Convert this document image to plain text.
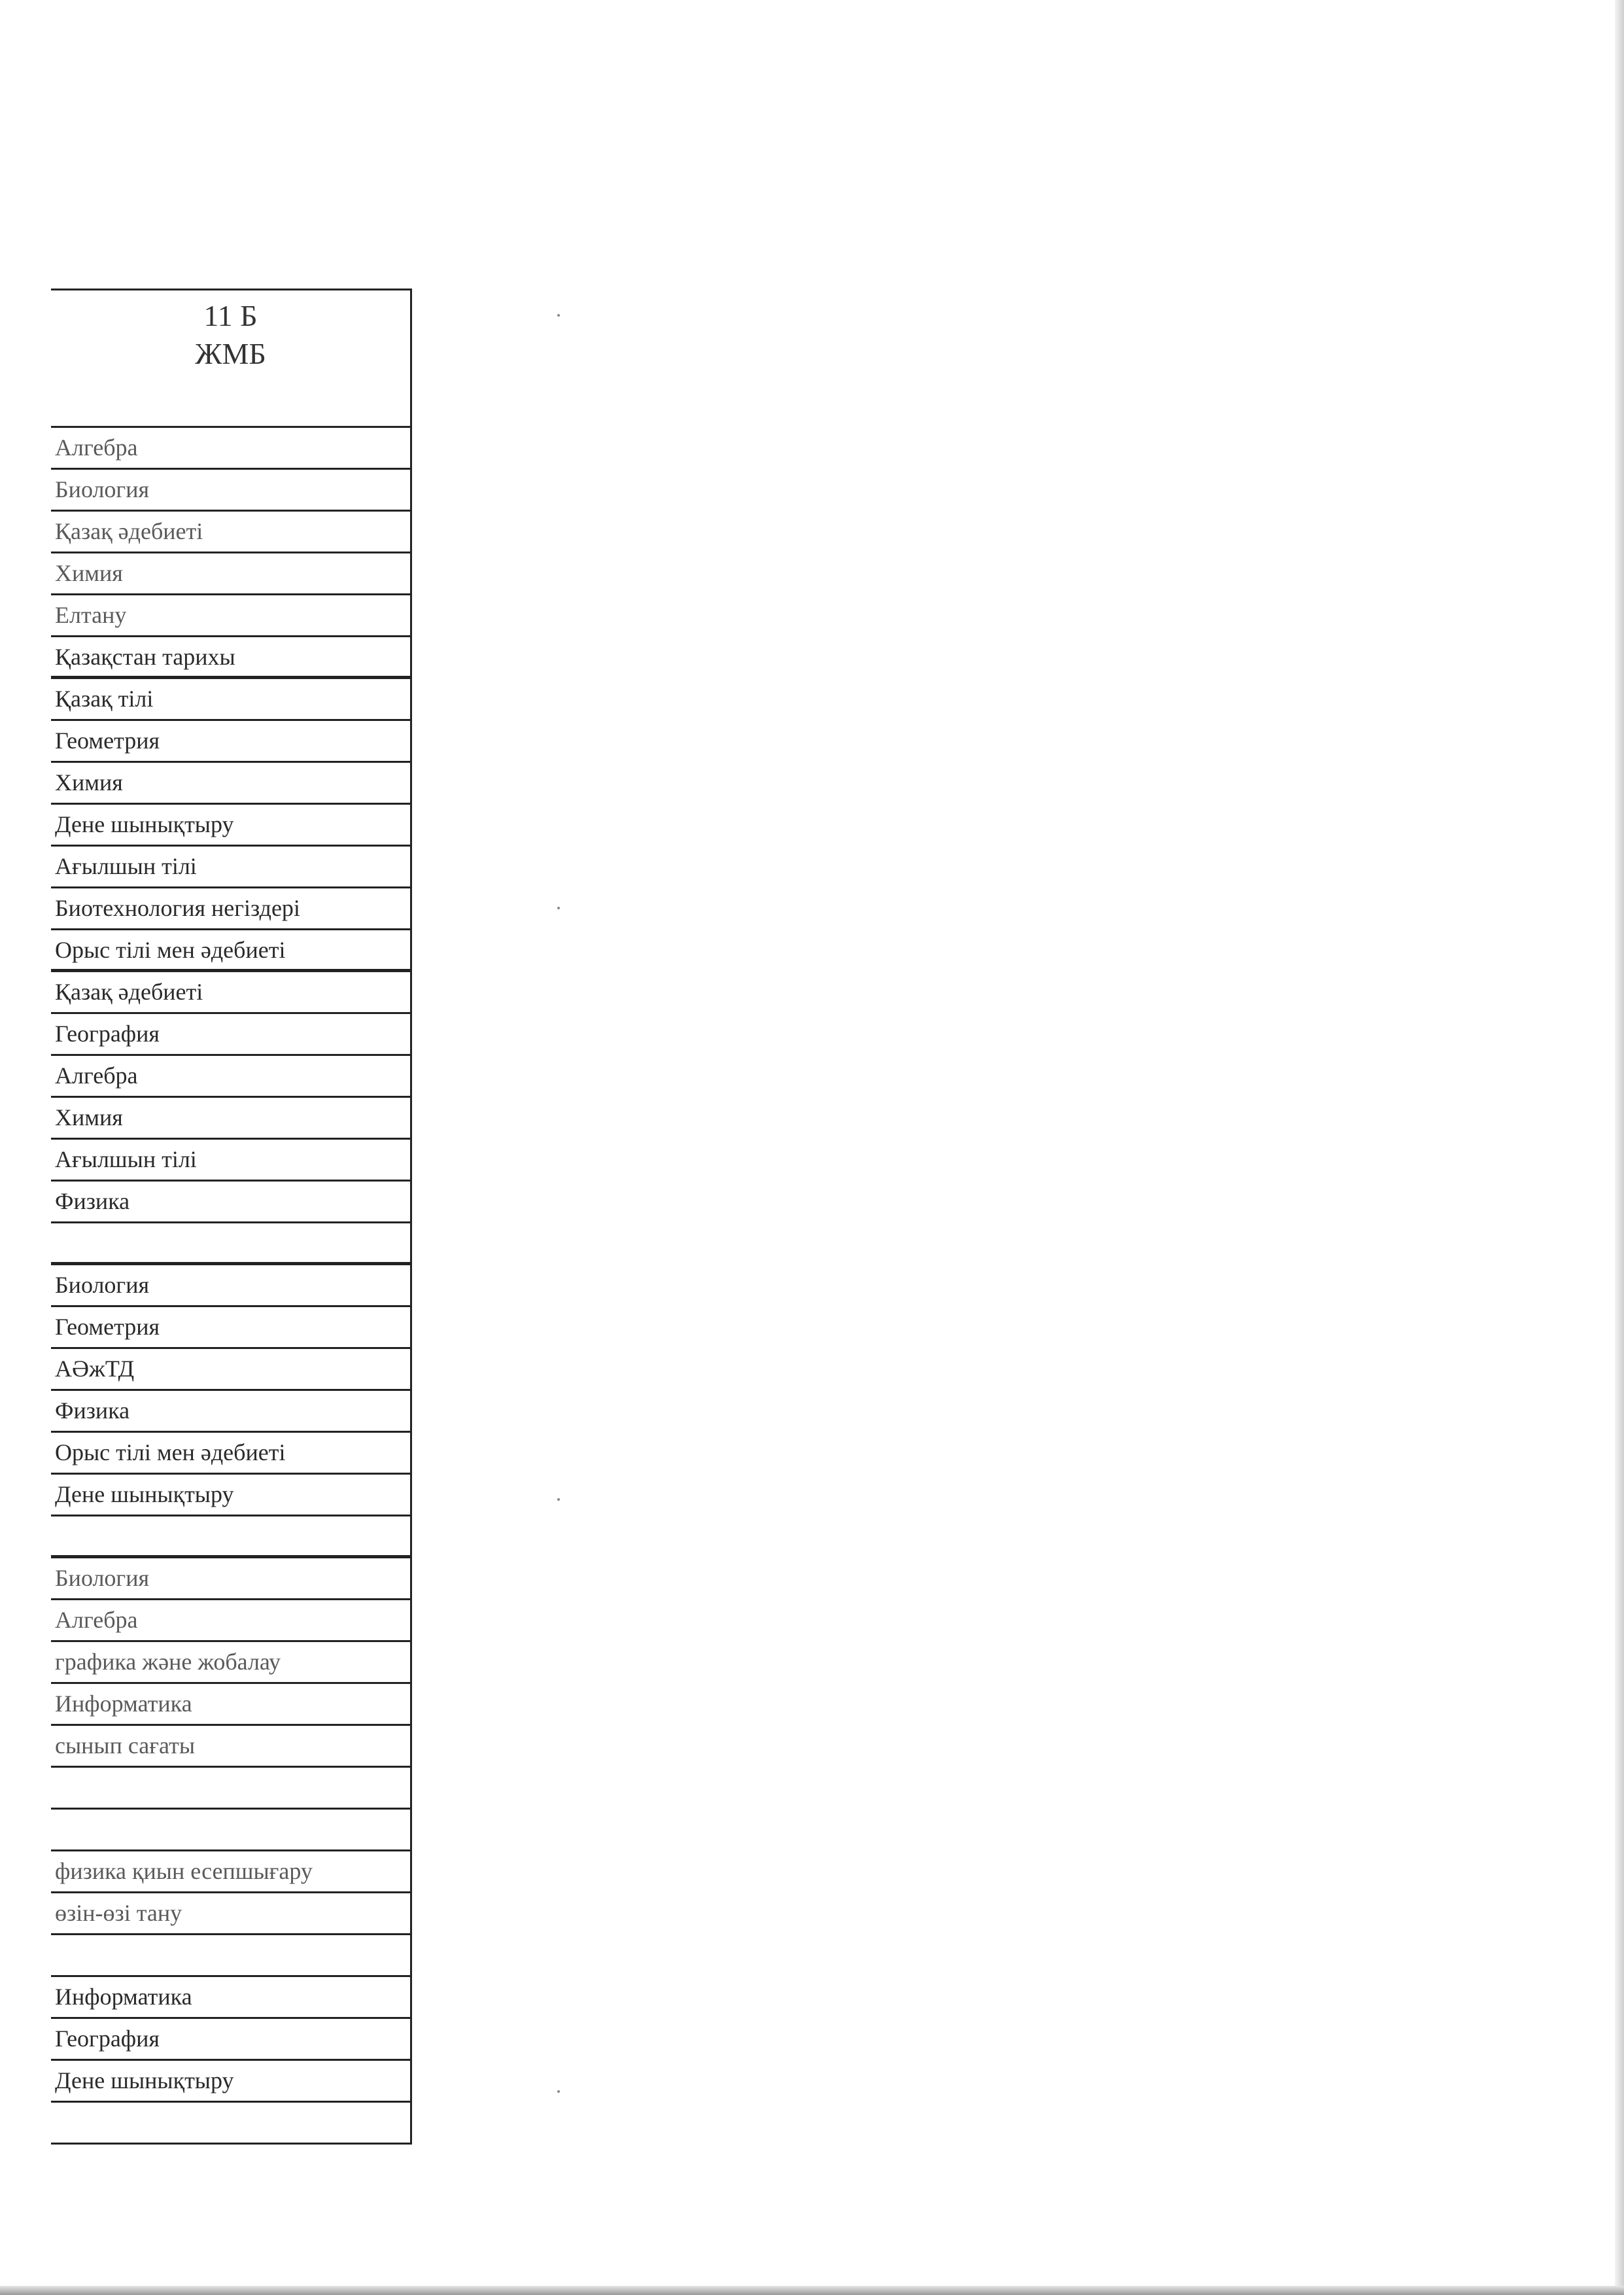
11 Б
ЖМБ
Алгебра
Биология
Қазақ әдебиеті
Химия
Елтану
Қазақстан тарихы
Қазақ тілі
Геометрия
Химия
Дене шынықтыру
Ағылшын тілі
Биотехнология негіздері
Орыс тілі мен әдебиеті
Қазақ әдебиеті
География
Алгебра
Химия
Ағылшын тілі
Физика
Биология
Геометрия
АӘжТД
Физика
Орыс тілі мен әдебиеті
Дене шынықтыру
Биология
Алгебра
графика және жобалау
Информатика
сынып сағаты
физика қиын есепшығару
өзін-өзі тану
Информатика
География
Дене шынықтыру
